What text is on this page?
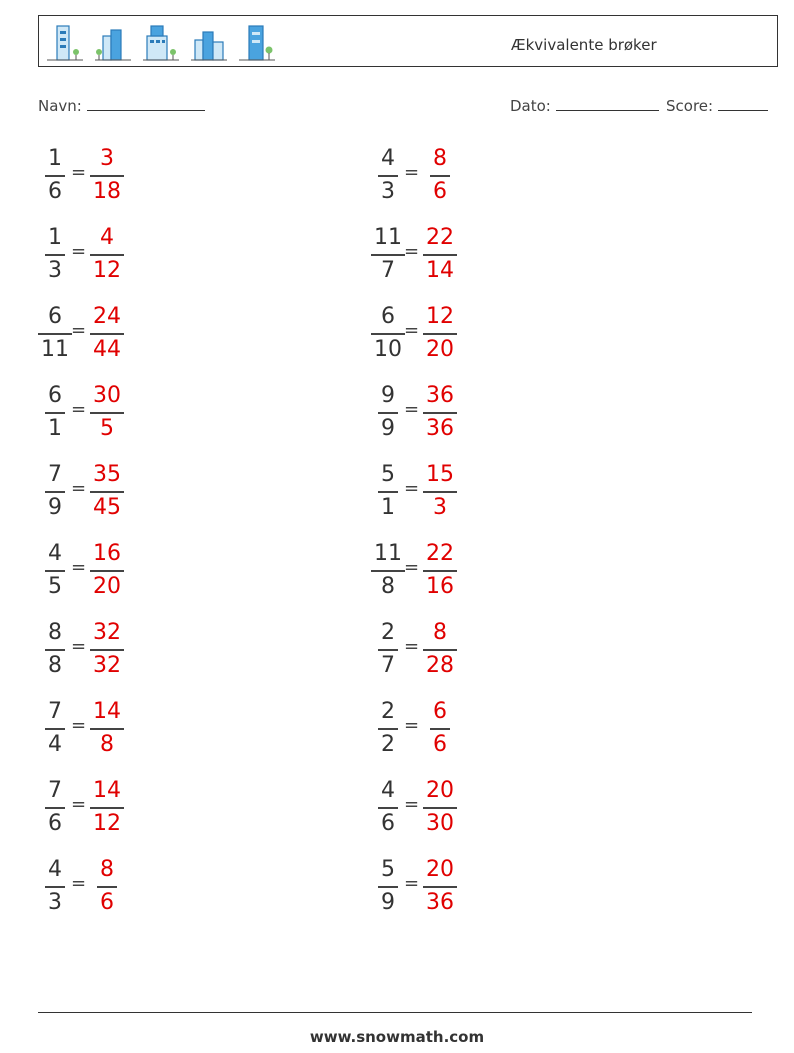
Ækvivalente brøker
Navn:	Dato:	Score:
1
6
=
3
18
1
3
=
4
12
6
11
=
24
44
6
1
=
30
5
7
9
=
35
45
4
5
=
16
20
8
8
=
32
32
7
4
=
14
8
7
6
=
14
12
4
3
=
8
6
4
3
=
8
6
11
7
=
22
14
6
10
=
12
20
9
9
=
36
36
5
1
=
15
3
11
8
=
22
16
2
7
=
8
28
2
2
=
6
6
4
6
=
20
30
5
9
=
20
36
www.snowmath.com
